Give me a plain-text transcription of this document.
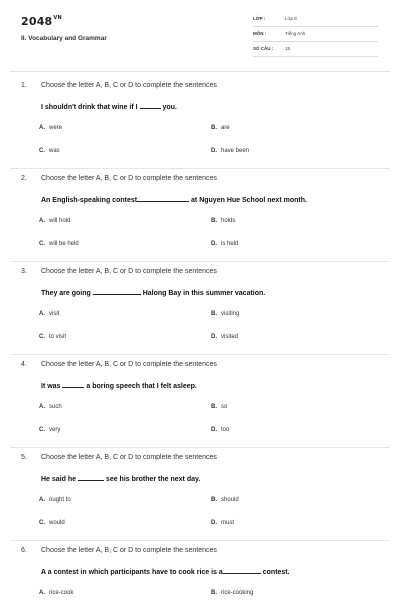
$2048^{VN}$
II. Vocabulary and Grammar
LỚP :	Lớp 8
MÔN :	Tiếng Anh
SỐ CÂU :	15
1. Choose the letter A, B, C or D to complete the sentences
I shouldn't drink that wine if I	you.
A. were	B. are
C. was	D. have been
2. Choose the letter A, B, C or D to complete the sentences
An English-speaking contest	at Nguyen Hue School next month.
A. will hold	B. holds
C. will be held	D. is held
3. Choose the letter A, B, C or D to complete the sentences
They are going	Halong Bay in this summer vacation.
A. visit	B. visiting
C. to visit	D. visited
4. Choose the letter A, B, C or D to complete the sentences
It was	a boring speech that I felt asleep.
A. such	B. so
C. very	D. too
5. Choose the letter A, B, C or D to complete the sentences
He said he	see his brother the next day.
A. ought to	B. should
C. would	D. must
6. Choose the letter A, B, C or D to complete the sentences
A a contest in which participants have to cook rice is a	contest.
A. rice-cook	B. rice-cooking
